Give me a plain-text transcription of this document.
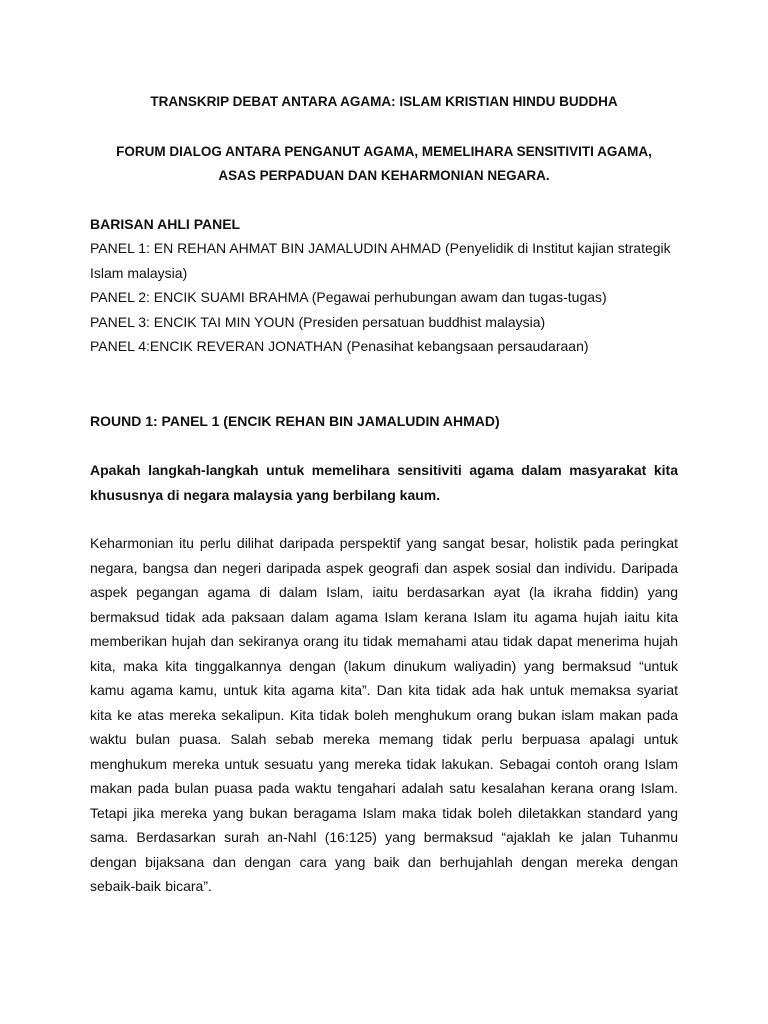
TRANSKRIP DEBAT ANTARA AGAMA: ISLAM KRISTIAN HINDU BUDDHA
FORUM DIALOG ANTARA PENGANUT AGAMA, MEMELIHARA SENSITIVITI AGAMA,
ASAS PERPADUAN DAN KEHARMONIAN NEGARA.
BARISAN AHLI PANEL
PANEL 1: EN REHAN AHMAT BIN JAMALUDIN AHMAD (Penyelidik di Institut kajian strategik Islam malaysia)
PANEL 2: ENCIK SUAMI BRAHMA (Pegawai perhubungan awam dan tugas-tugas)
PANEL 3: ENCIK TAI MIN YOUN (Presiden persatuan buddhist malaysia)
PANEL 4:ENCIK REVERAN JONATHAN (Penasihat kebangsaan persaudaraan)
ROUND 1: PANEL 1 (ENCIK REHAN BIN JAMALUDIN AHMAD)
Apakah langkah-langkah untuk memelihara sensitiviti agama dalam masyarakat kita khususnya di negara malaysia yang berbilang kaum.
Keharmonian itu perlu dilihat daripada perspektif yang sangat besar, holistik pada peringkat negara, bangsa dan negeri daripada aspek geografi dan aspek sosial dan individu. Daripada aspek pegangan agama di dalam Islam, iaitu berdasarkan ayat (la ikraha fiddin) yang bermaksud tidak ada paksaan dalam agama Islam kerana Islam itu agama hujah iaitu kita memberikan hujah dan sekiranya orang itu tidak memahami atau tidak dapat menerima hujah kita, maka kita tinggalkannya dengan (lakum dinukum waliyadin) yang bermaksud “untuk kamu agama kamu, untuk kita agama kita”. Dan kita tidak ada hak untuk memaksa syariat kita ke atas mereka sekalipun. Kita tidak boleh menghukum orang bukan islam makan pada waktu bulan puasa. Salah sebab mereka memang tidak perlu berpuasa apalagi untuk menghukum mereka untuk sesuatu yang mereka tidak lakukan. Sebagai contoh orang Islam makan pada bulan puasa pada waktu tengahari adalah satu kesalahan kerana orang Islam. Tetapi jika mereka yang bukan beragama Islam maka tidak boleh diletakkan standard yang sama. Berdasarkan surah an-Nahl (16:125) yang bermaksud “ajaklah ke jalan Tuhanmu dengan bijaksana dan dengan cara yang baik dan berhujahlah dengan mereka dengan sebaik-baik bicara”.
